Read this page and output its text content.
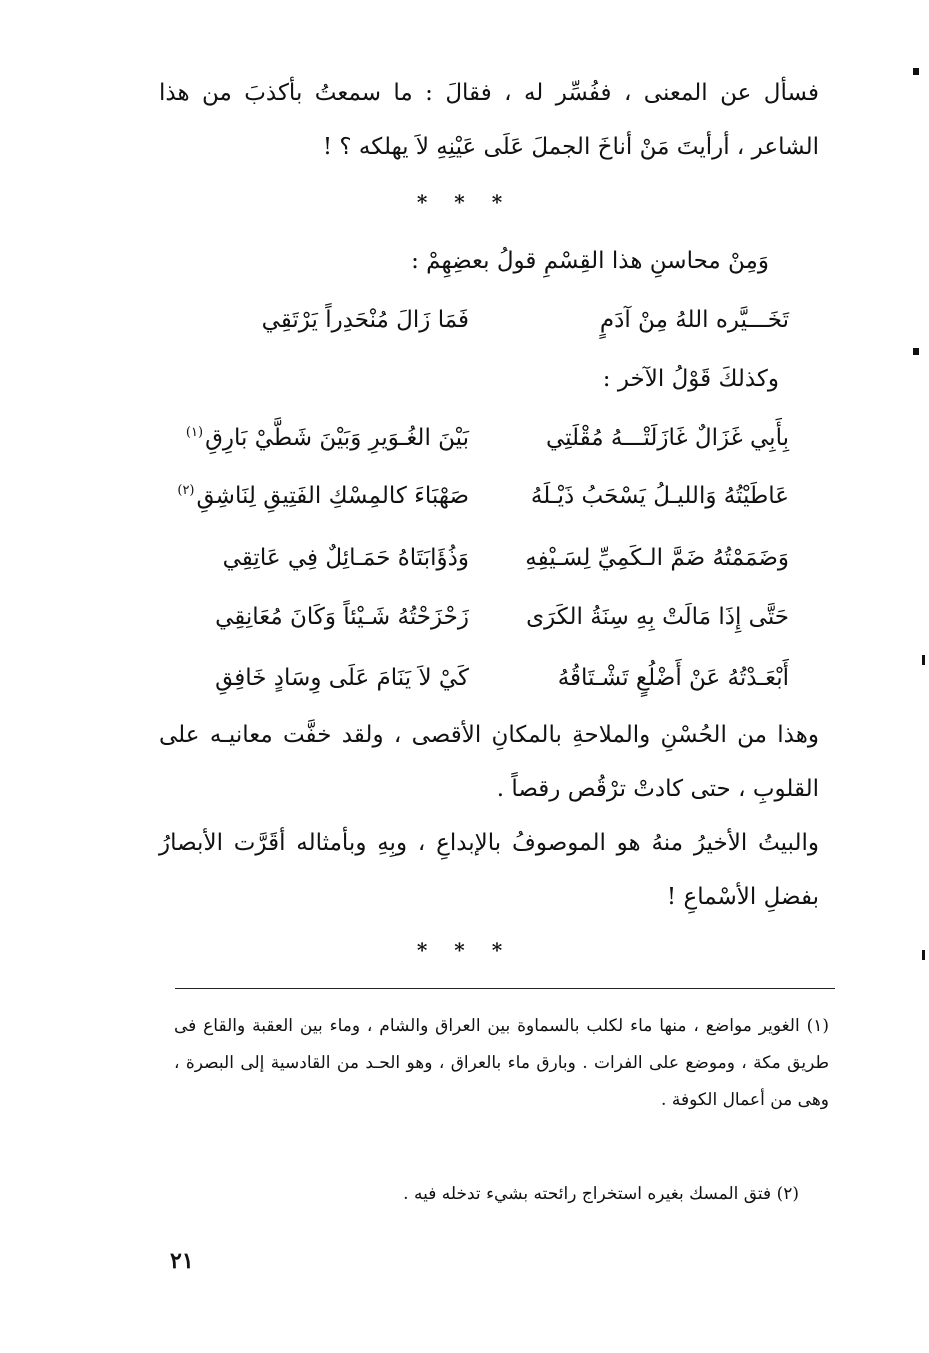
فسأل عن المعنى ، ففُسِّر له ، فقالَ : ما سمعتُ بأكذبَ من هذا الشاعر ، أرأيتَ مَنْ أناخَ الجملَ عَلَى عَيْنِهِ لاَ يهلكه ؟ !

* * *

وَمِنْ محاسنِ هذا القِسْمِ قولُ بعضِهِمْ :

تَخَـــيَّره اللهُ مِنْ آدَمٍ
فَمَا زَالَ مُنْحَدِراً يَرْتَقِي

وكذلكَ قَوْلُ الآخر :

بِأَبِي غَزَالٌ غَازَلَتْـــهُ مُقْلَتِي
بَيْنَ الغُـوَيرِ وَبَيْنَ شَطَّيْ بَارِقِ$^{(١)}$
عَاطَيْتُهُ وَالليـلُ يَسْحَبُ ذَيْـلَهُ
صَهْبَاءَ كالمِسْكِ الفَتِيقِ لِنَاشِقِ$^{(٢)}$
وَضَمَمْتُهُ ضَمَّ الـكَمِيِّ لِسَـيْفِهِ
وَذُؤَابَتَاهُ حَمَـائِلٌ فِي عَاتِقِي
حَتَّى إِذَا مَالَتْ بِهِ سِنَةُ الكَرَى
زَحْزَحْتُهُ شَـيْئاً وَكَانَ مُعَانِقِي
أَبْعَـدْتُهُ عَنْ أَضْلُعٍ تَشْـتَاقُهُ
كَيْ لاَ يَنَامَ عَلَى وِسَادٍ خَافِقِ

وهذا من الحُسْنِ والملاحةِ بالمكانِ الأقصى ، ولقد خفَّت معانيـه على القلوبِ ، حتى كادتْ ترْقُص رقصاً .

والبيتُ الأخيرُ منهُ هو الموصوفُ بالإبداعِ ، وبِهِ وبأمثاله أقَرَّت الأبصارُ بفضلِ الأسْماعِ !

* * *

(١) الغوير مواضع ، منها ماء لكلب بالسماوة بين العراق والشام ، وماء بين العقبة والقاع فى طريق مكة ، وموضع على الفرات . وبارق ماء بالعراق ، وهو الحـد من القادسية إلى البصرة ، وهى من أعمال الكوفة .

(٢) فتق المسك بغيره استخراج رائحته بشيء تدخله فيه .

٢١
